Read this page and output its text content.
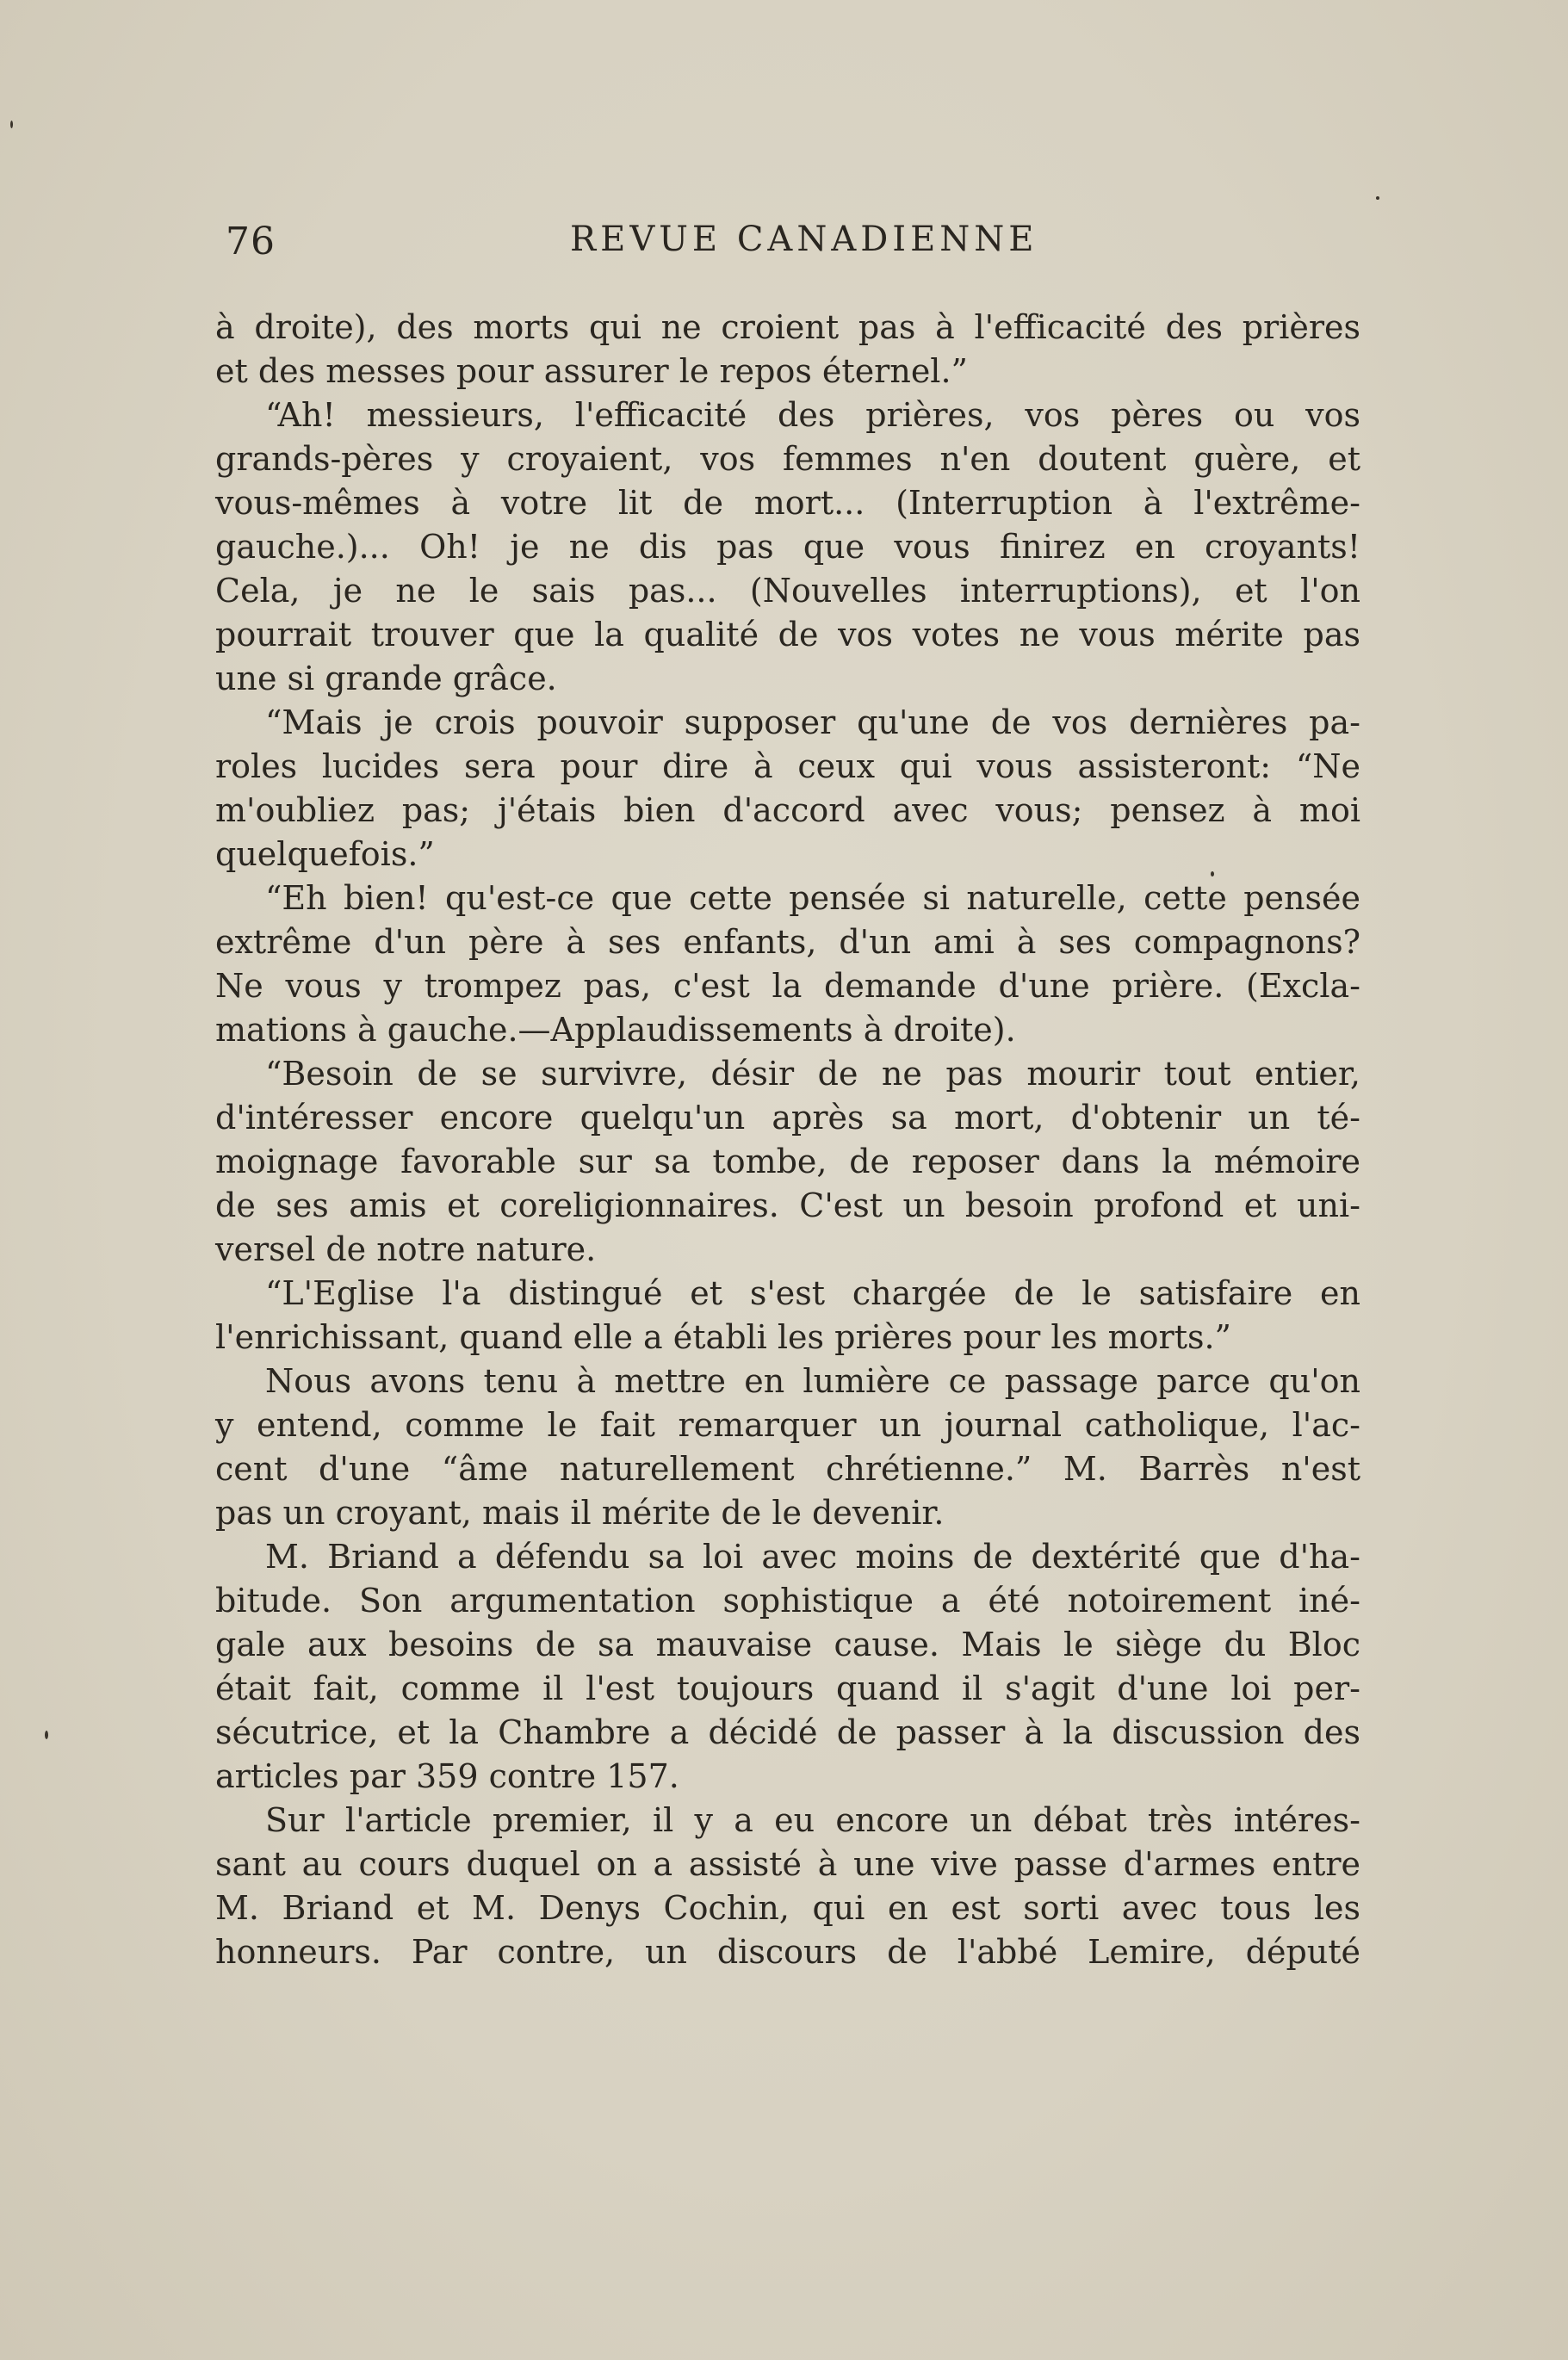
76	REVUE CANADIENNE
à droite), des morts qui ne croient pas à l'efficacité des prières
et des messes pour assurer le repos éternel.”
“Ah! messieurs, l'efficacité des prières, vos pères ou vos
grands-pères y croyaient, vos femmes n'en doutent guère, et
vous-mêmes à votre lit de mort... (Interruption à l'extrême-
gauche.)... Oh! je ne dis pas que vous finirez en croyants!
Cela, je ne le sais pas... (Nouvelles interruptions), et l'on
pourrait trouver que la qualité de vos votes ne vous mérite pas
une si grande grâce.
“Mais je crois pouvoir supposer qu'une de vos dernières pa-
roles lucides sera pour dire à ceux qui vous assisteront: “Ne
m'oubliez pas; j'étais bien d'accord avec vous; pensez à moi
quelquefois.”
“Eh bien! qu'est-ce que cette pensée si naturelle, cette pensée
extrême d'un père à ses enfants, d'un ami à ses compagnons?
Ne vous y trompez pas, c'est la demande d'une prière. (Excla-
mations à gauche.—Applaudissements à droite).
“Besoin de se survivre, désir de ne pas mourir tout entier,
d'intéresser encore quelqu'un après sa mort, d'obtenir un té-
moignage favorable sur sa tombe, de reposer dans la mémoire
de ses amis et coreligionnaires. C'est un besoin profond et uni-
versel de notre nature.
“L'Eglise l'a distingué et s'est chargée de le satisfaire en
l'enrichissant, quand elle a établi les prières pour les morts.”
Nous avons tenu à mettre en lumière ce passage parce qu'on
y entend, comme le fait remarquer un journal catholique, l'ac-
cent d'une “âme naturellement chrétienne.” M. Barrès n'est
pas un croyant, mais il mérite de le devenir.
M. Briand a défendu sa loi avec moins de dextérité que d'ha-
bitude. Son argumentation sophistique a été notoirement iné-
gale aux besoins de sa mauvaise cause. Mais le siège du Bloc
était fait, comme il l'est toujours quand il s'agit d'une loi per-
sécutrice, et la Chambre a décidé de passer à la discussion des
articles par 359 contre 157.
Sur l'article premier, il y a eu encore un débat très intéres-
sant au cours duquel on a assisté à une vive passe d'armes entre
M. Briand et M. Denys Cochin, qui en est sorti avec tous les
honneurs. Par contre, un discours de l'abbé Lemire, député
